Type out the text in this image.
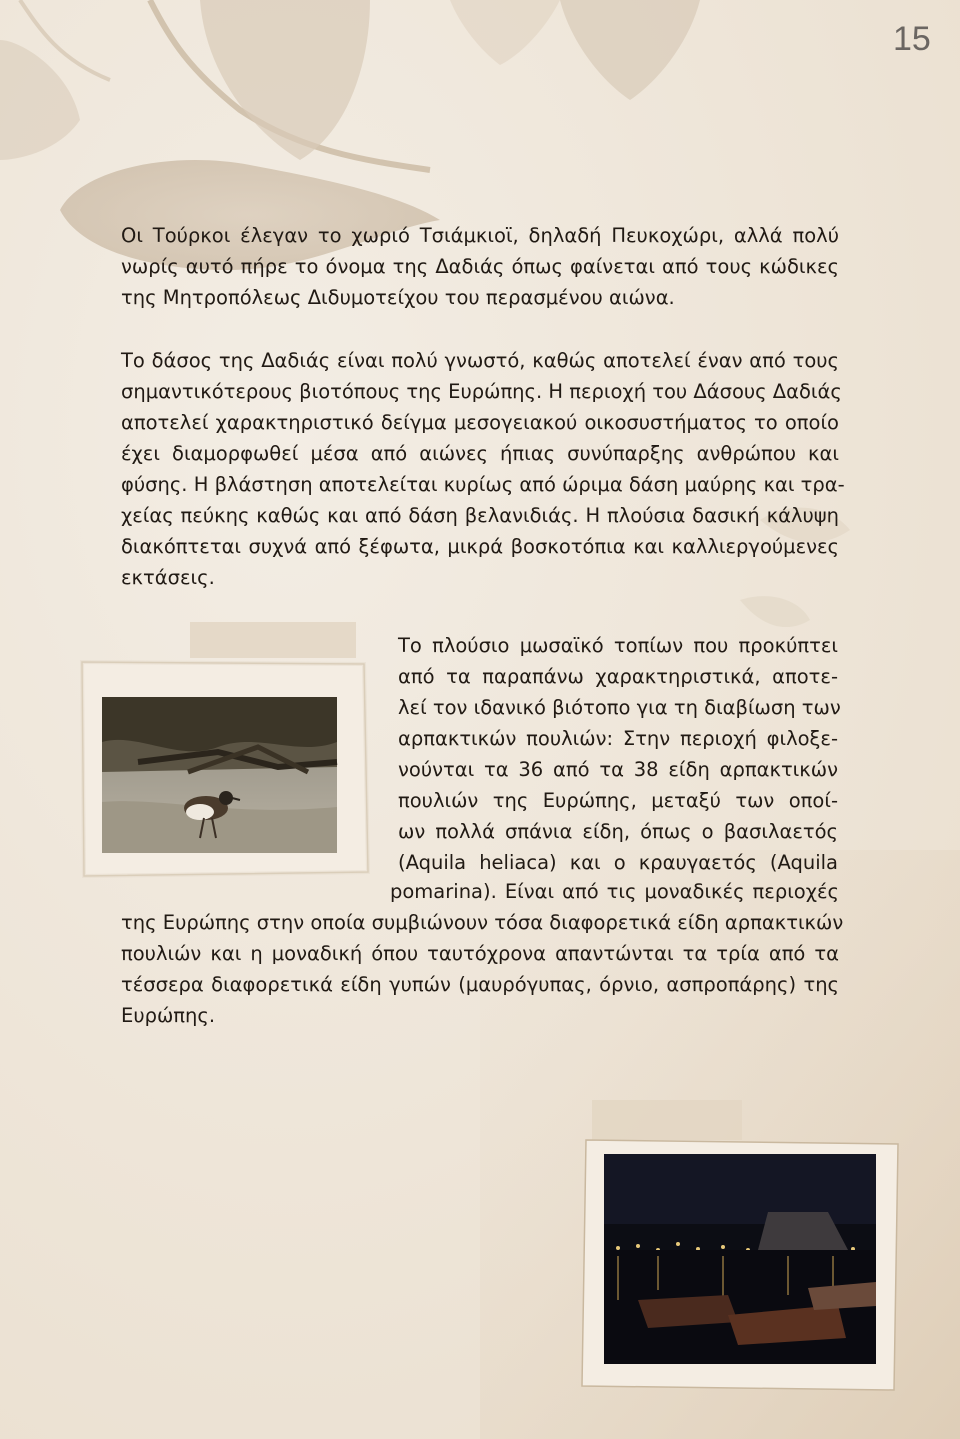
15
Οι Τούρκοι έλεγαν το χωριό Τσιάμκιοϊ, δηλαδή Πευκοχώρι, αλλά πολύ
νωρίς αυτό πήρε το όνομα της Δαδιάς όπως φαίνεται από τους κώδικες
της Μητροπόλεως Διδυμοτείχου του περασμένου αιώνα.
Το δάσος της Δαδιάς είναι πολύ γνωστό, καθώς αποτελεί έναν από τους
σημαντικότερους βιοτόπους της Ευρώπης. Η περιοχή του Δάσους Δαδιάς
αποτελεί χαρακτηριστικό δείγμα μεσογειακού οικοσυστήματος το οποίο
έχει διαμορφωθεί μέσα από αιώνες ήπιας συνύπαρξης ανθρώπου και
φύσης. Η βλάστηση αποτελείται κυρίως από ώριμα δάση μαύρης και τρα-
χείας πεύκης καθώς και από δάση βελανιδιάς. Η πλούσια δασική κάλυψη
διακόπτεται συχνά από ξέφωτα, μικρά βοσκοτόπια και καλλιεργούμενες
εκτάσεις.
Το πλούσιο μωσαϊκό τοπίων που προκύπτει
από τα παραπάνω χαρακτηριστικά, αποτε-
λεί τον ιδανικό βιότοπο για τη διαβίωση των
αρπακτικών πουλιών: Στην περιοχή φιλοξε-
νούνται τα 36 από τα 38 είδη αρπακτικών
πουλιών της Ευρώπης, μεταξύ των οποί-
ων πολλά σπάνια είδη, όπως ο βασιλαετός
(Aquila heliaca) και ο κραυγαετός (Aquila
pomarina). Είναι από τις μοναδικές περιοχές
της Ευρώπης στην οποία συμβιώνουν τόσα διαφορετικά είδη αρπακτικών
πουλιών και η μοναδική όπου ταυτόχρονα απαντώνται τα τρία από τα
τέσσερα διαφορετικά είδη γυπών (μαυρόγυπας, όρνιο, ασπροπάρης) της
Ευρώπης.
